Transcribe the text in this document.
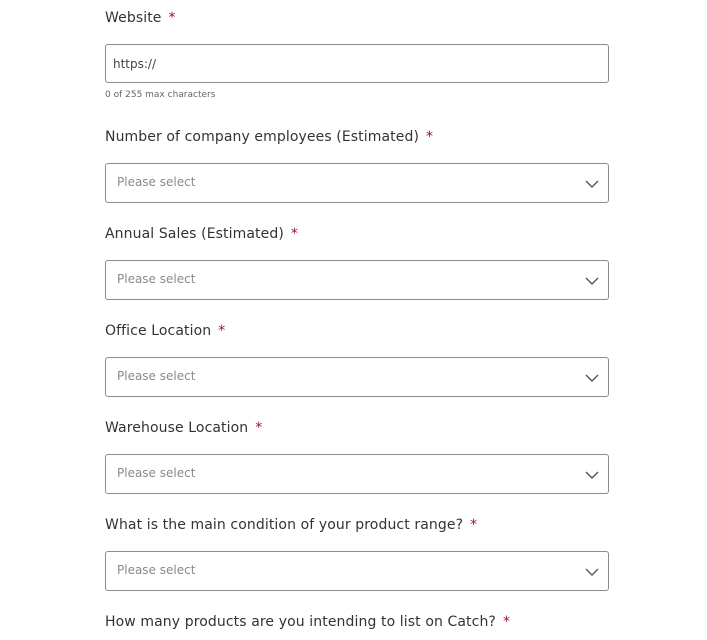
Website *
https://
0 of 255 max characters
Number of company employees (Estimated) *
Please select
Annual Sales (Estimated) *
Please select
Office Location *
Please select
Warehouse Location *
Please select
What is the main condition of your product range? *
Please select
How many products are you intending to list on Catch? *
